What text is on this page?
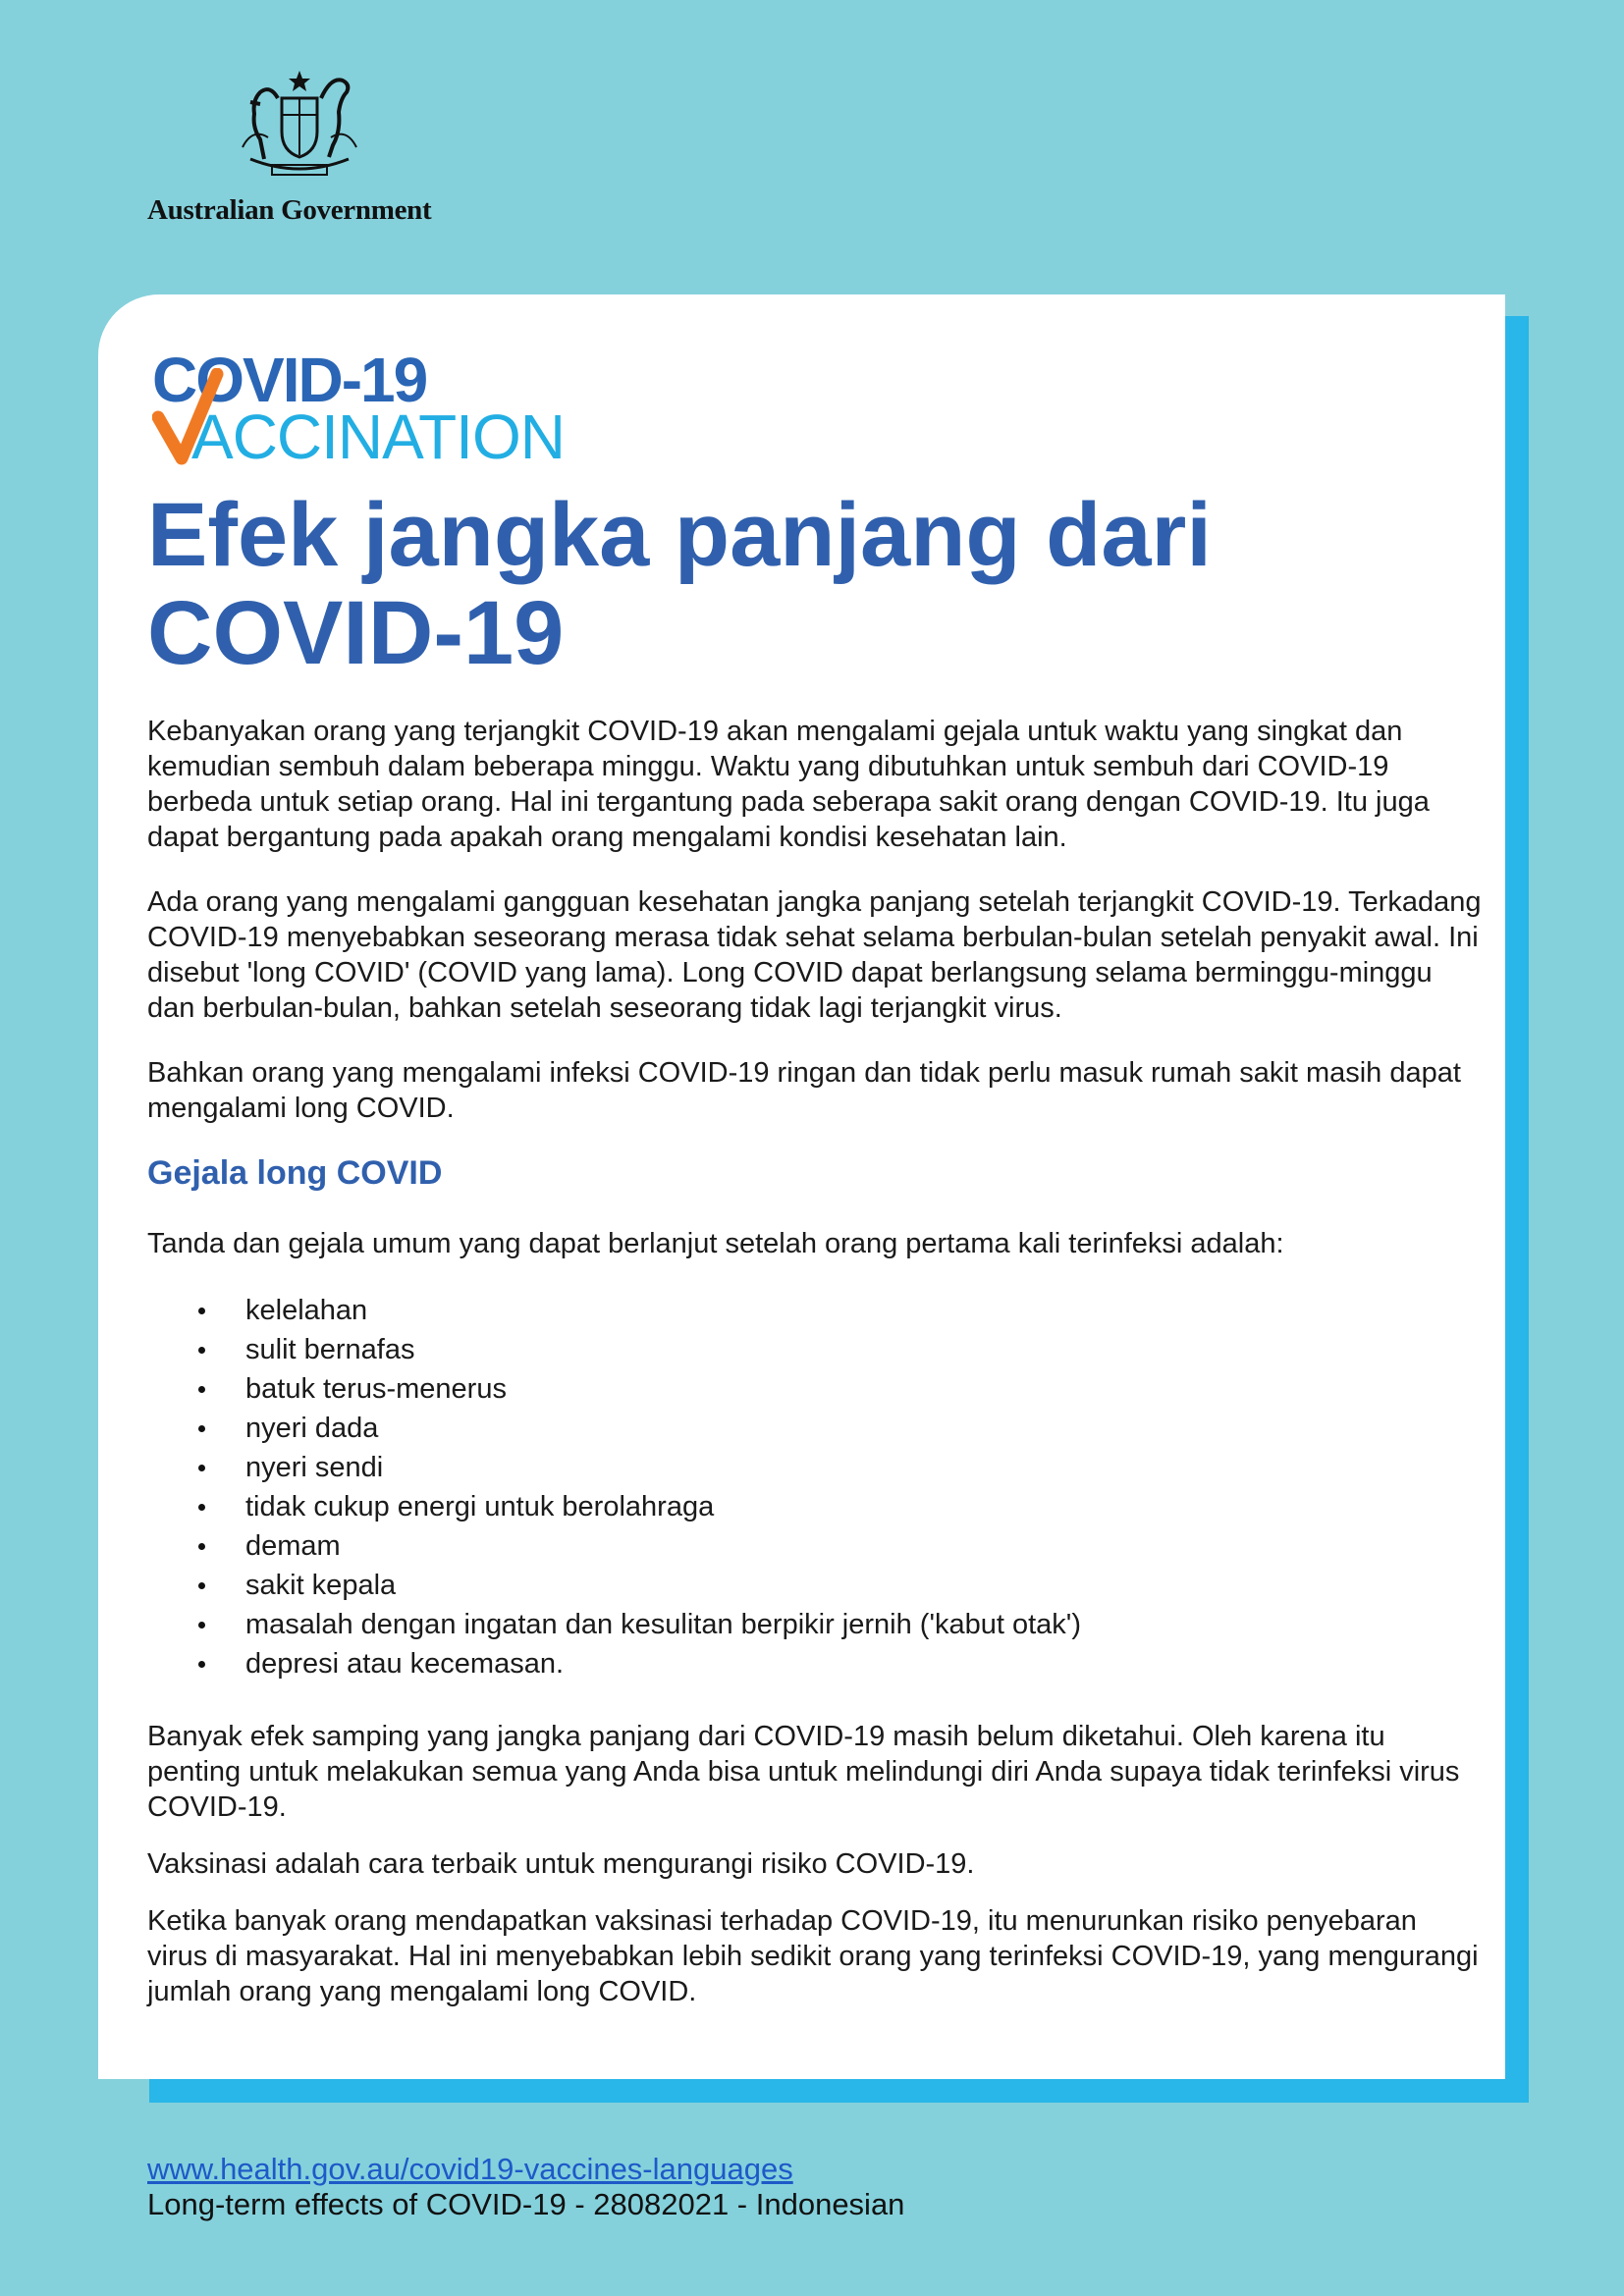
Australian Government
COVID-19
ACCINATION
Efek jangka panjang dari COVID-19

Kebanyakan orang yang terjangkit COVID-19 akan mengalami gejala untuk waktu yang singkat dan kemudian sembuh dalam beberapa minggu. Waktu yang dibutuhkan untuk sembuh dari COVID-19 berbeda untuk setiap orang. Hal ini tergantung pada seberapa sakit orang dengan COVID-19. Itu juga dapat bergantung pada apakah orang mengalami kondisi kesehatan lain.

Ada orang yang mengalami gangguan kesehatan jangka panjang setelah terjangkit COVID-19. Terkadang COVID-19 menyebabkan seseorang merasa tidak sehat selama berbulan-bulan setelah penyakit awal. Ini disebut 'long COVID' (COVID yang lama). Long COVID dapat berlangsung selama berminggu-minggu dan berbulan-bulan, bahkan setelah seseorang tidak lagi terjangkit virus.

Bahkan orang yang mengalami infeksi COVID-19 ringan dan tidak perlu masuk rumah sakit masih dapat mengalami long COVID.

Gejala long COVID

Tanda dan gejala umum yang dapat berlanjut setelah orang pertama kali terinfeksi adalah:

kelelahan
sulit bernafas
batuk terus-menerus
nyeri dada
nyeri sendi
tidak cukup energi untuk berolahraga
demam
sakit kepala
masalah dengan ingatan dan kesulitan berpikir jernih ('kabut otak')
depresi atau kecemasan.

Banyak efek samping yang jangka panjang dari COVID-19 masih belum diketahui. Oleh karena itu penting untuk melakukan semua yang Anda bisa untuk melindungi diri Anda supaya tidak terinfeksi virus COVID-19.

Vaksinasi adalah cara terbaik untuk mengurangi risiko COVID-19.

Ketika banyak orang mendapatkan vaksinasi terhadap COVID-19, itu menurunkan risiko penyebaran virus di masyarakat. Hal ini menyebabkan lebih sedikit orang yang terinfeksi COVID-19, yang mengurangi jumlah orang yang mengalami long COVID.

www.health.gov.au/covid19-vaccines-languages
Long-term effects of COVID-19 - 28082021 - Indonesian
